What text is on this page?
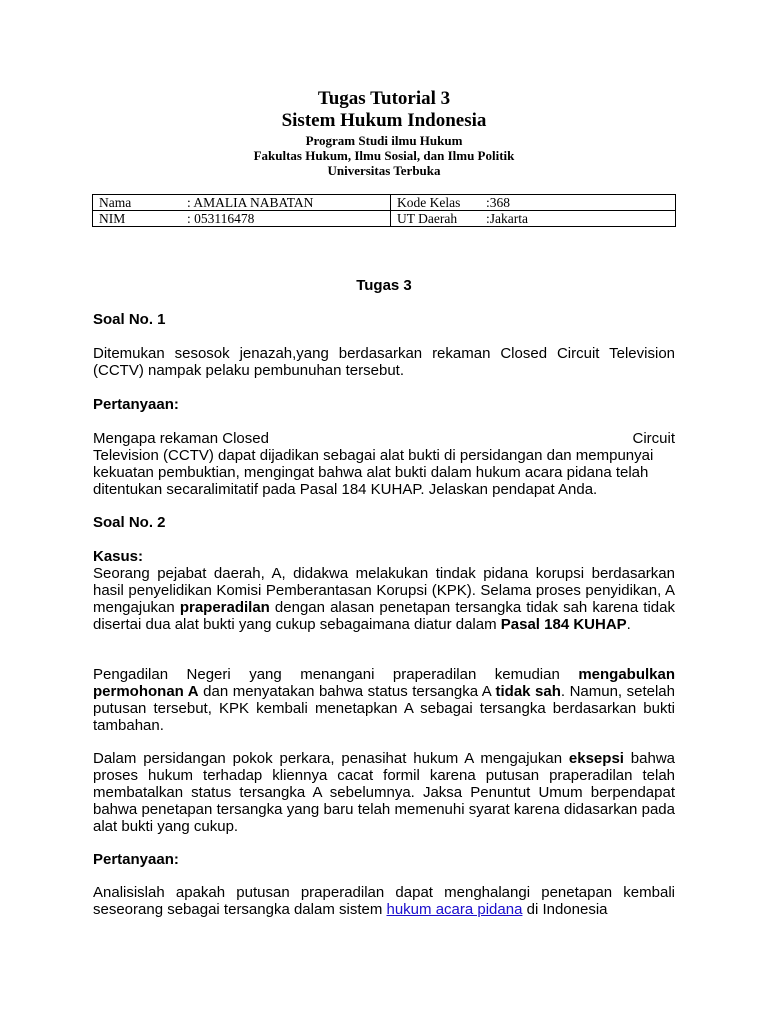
Tugas Tutorial 3
Sistem Hukum Indonesia
Program Studi ilmu Hukum
Fakultas Hukum, Ilmu Sosial, dan Ilmu Politik
Universitas Terbuka
Nama : AMALIA NABATAN	Kode Kelas :368
NIM : 053116478	UT Daerah :Jakarta
Tugas 3
Soal No. 1
Ditemukan sesosok jenazah,yang berdasarkan rekaman Closed Circuit Television (CCTV) nampak pelaku pembunuhan tersebut.
Pertanyaan:
Mengapa rekaman Closed	Circuit
Television (CCTV) dapat dijadikan sebagai alat bukti di persidangan dan mempunyai kekuatan pembuktian, mengingat bahwa alat bukti dalam hukum acara pidana telah ditentukan secaralimitatif pada Pasal 184 KUHAP. Jelaskan pendapat Anda.
Soal No. 2
Kasus:
Seorang pejabat daerah, A, didakwa melakukan tindak pidana korupsi berdasarkan hasil penyelidikan Komisi Pemberantasan Korupsi (KPK). Selama proses penyidikan, A mengajukan praperadilan dengan alasan penetapan tersangka tidak sah karena tidak disertai dua alat bukti yang cukup sebagaimana diatur dalam Pasal 184 KUHAP.
Pengadilan Negeri yang menangani praperadilan kemudian mengabulkan permohonan A dan menyatakan bahwa status tersangka A tidak sah. Namun, setelah putusan tersebut, KPK kembali menetapkan A sebagai tersangka berdasarkan bukti tambahan.
Dalam persidangan pokok perkara, penasihat hukum A mengajukan eksepsi bahwa proses hukum terhadap kliennya cacat formil karena putusan praperadilan telah membatalkan status tersangka A sebelumnya. Jaksa Penuntut Umum berpendapat bahwa penetapan tersangka yang baru telah memenuhi syarat karena didasarkan pada alat bukti yang cukup.
Pertanyaan:
Analisislah apakah putusan praperadilan dapat menghalangi penetapan kembali seseorang sebagai tersangka dalam sistem hukum acara pidana di Indonesia
